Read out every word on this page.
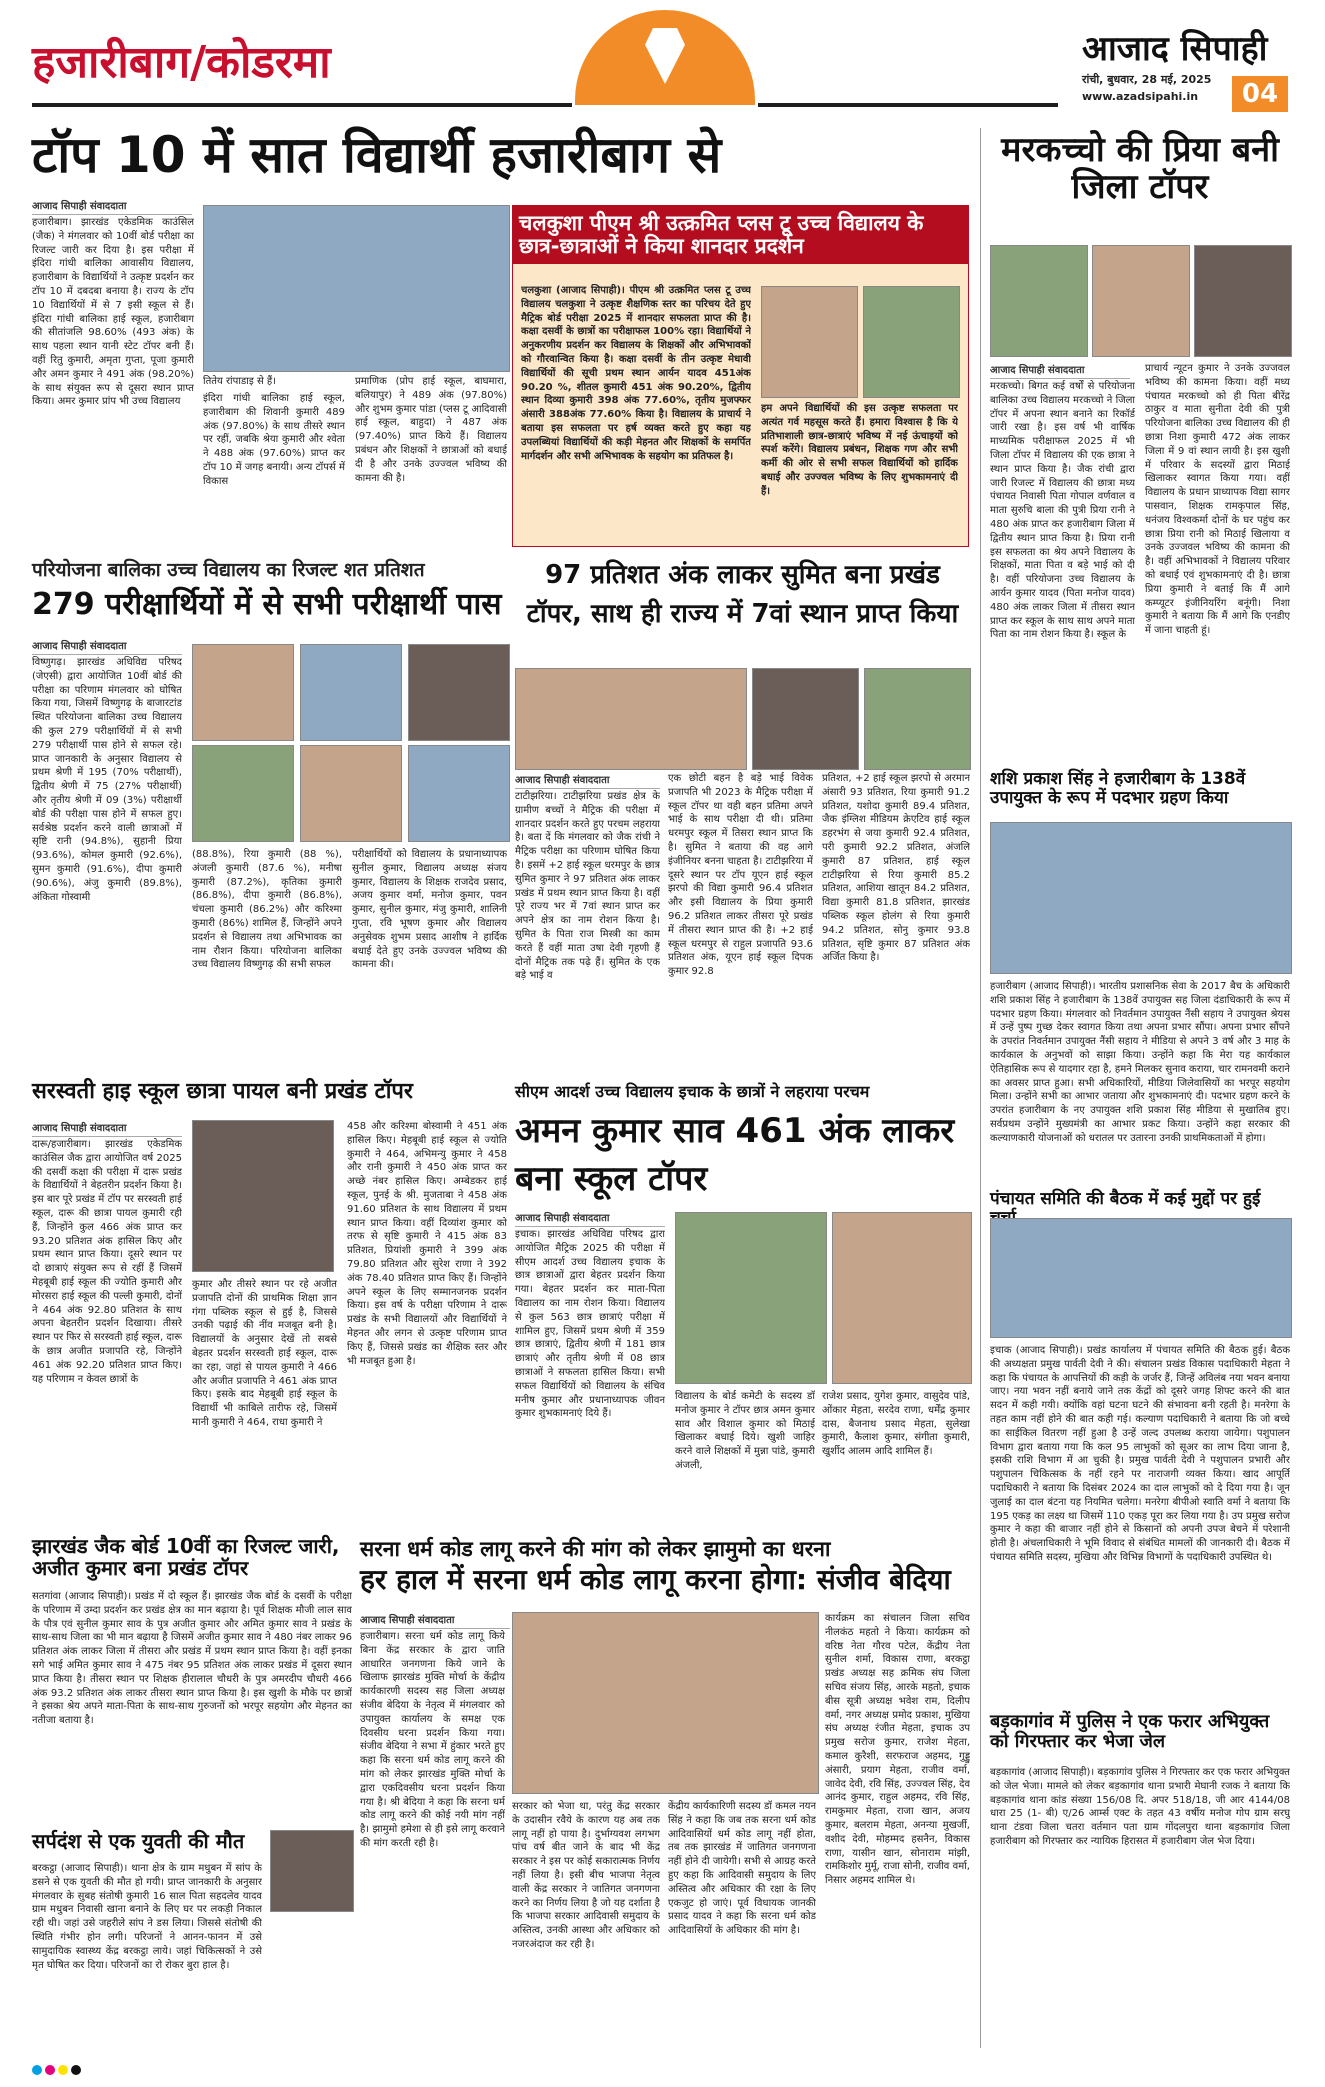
हजारीबाग/कोडरमा	आजाद सिपाही
रांची, बुधवार, 28 मई, 2025
www.azadsipahi.in	04
टॉप 10 में सात विद्यार्थी हजारीबाग से
आजाद सिपाही संवाददाता
हजारीबाग। झारखंड एकेडमिक काउंसिल (जैक) ने मंगलवार को 10वीं बोर्ड परीक्षा का रिजल्ट जारी कर दिया है। इस परीक्षा में इंदिरा गांधी बालिका आवासीय विद्यालय, हजारीबाग के विद्यार्थियों ने उत्कृष्ट प्रदर्शन कर टॉप 10 में दबदबा बनाया है। राज्य के टॉप 10 विद्यार्थियों में से 7 इसी स्कूल से हैं। इंदिरा गांधी बालिका हाई स्कूल, हजारीबाग की सीतांजलि 98.60% (493 अंक) के साथ पहला स्थान यानी स्टेट टॉपर बनी हैं। वहीं रितु कुमारी, अमृता गुप्ता, पूजा कुमारी और अमन कुमार ने 491 अंक (98.20%) के साथ संयुक्त रूप से दूसरा स्थान प्राप्त किया। अमर कुमार प्रांप भी उच्च विद्यालय
तितेय रांपाडाइ से हैं।
इंदिरा गांधी बालिका हाई स्कूल, हजारीबाग की शिवानी कुमारी 489 अंक (97.80%) के साथ तीसरे स्थान पर रहीं, जबकि श्रेया कुमारी और श्वेता ने 488 अंक (97.60%) प्राप्त कर टॉप 10 में जगह बनायी। अन्य टॉपर्स में विकास
प्रमाणिक (प्रोप हाई स्कूल, बाघमारा, बलियापुर) ने 489 अंक (97.80%) और शुभम कुमार पांडा (प्लस टू आदिवासी हाई स्कूल, बाहुदा) ने 487 अंक (97.40%) प्राप्त किये हैं। विद्यालय प्रबंधन और शिक्षकों ने छात्राओं को बधाई दी है और उनके उज्ज्वल भविष्य की कामना की है।
चलकुशा पीएम श्री उत्क्रमित प्लस टू उच्च विद्यालय के छात्र-छात्राओं ने किया शानदार प्रदर्शन
चलकुशा (आजाद सिपाही)। पीएम श्री उत्क्रमित प्लस टू उच्च विद्यालय चलकुशा ने उत्कृष्ट शैक्षणिक स्तर का परिचय देते हुए मैट्रिक बोर्ड परीक्षा 2025 में शानदार सफलता प्राप्त की है। कक्षा दसवीं के छात्रों का परीक्षाफल 100% रहा। विद्यार्थियों ने अनुकरणीय प्रदर्शन कर विद्यालय के शिक्षकों और अभिभावकों को गौरवान्वित किया है। कक्षा दसवीं के तीन उत्कृष्ट मेधावी विद्यार्थियों की सूची प्रथम स्थान आर्यन यादव 451अंक 90.20 %, शीतल कुमारी 451 अंक 90.20%, द्वितीय स्थान दिव्या कुमारी 398 अंक 77.60%, तृतीय मुजफ्फर अंसारी 388अंक 77.60% किया है। विद्यालय के प्राचार्य ने बताया इस सफलता पर हर्ष व्यक्त करते हुए कहा यह उपलब्धियां विद्यार्थियों की कड़ी मेहनत और शिक्षकों के समर्पित मार्गदर्शन और सभी अभिभावक के सहयोग का प्रतिफल है।
हम अपने विद्यार्थियों की इस उत्कृष्ट सफलता पर अत्यंत गर्व महसूस करते हैं। हमारा विश्वास है कि ये प्रतिभाशाली छात्र-छात्राएं भविष्य में नई ऊंचाइयों को स्पर्श करेंगे। विद्यालय प्रबंधन, शिक्षक गण और सभी कर्मी की ओर से सभी सफल विद्यार्थियों को हार्दिक बधाई और उज्ज्वल भविष्य के लिए शुभकामनाएं दी हैं।
मरकच्चो की प्रिया बनी जिला टॉपर
आजाद सिपाही संवाददाता
मरकच्चो। बिगत कई वर्षों से परियोजना बालिका उच्च विद्यालय मरकच्चो ने जिला टॉपर में अपना स्थान बनाने का रिकॉर्ड जारी रखा है। इस वर्ष भी वार्षिक माध्यमिक परीक्षाफल 2025 में भी जिला टॉपर में विद्यालय की एक छात्रा ने स्थान प्राप्त किया है। जैक रांची द्वारा जारी रिजल्ट में विद्यालय की छात्रा मध्य पंचायत निवासी पिता गोपाल वर्णवाल व माता सुरुचि बाला की पुत्री प्रिया रानी ने 480 अंक प्राप्त कर हजारीबाग जिला में द्वितीय स्थान प्राप्त किया है। प्रिया रानी इस सफलता का श्रेय अपने विद्यालय के शिक्षकों, माता पिता व बड़े भाई को दी है। वहीं परियोजना उच्च विद्यालय के आर्यन कुमार यादव (पिता मनोज यादव) 480 अंक लाकर जिला में तीसरा स्थान प्राप्त कर स्कूल के साथ साथ अपने माता पिता का नाम रोशन किया है। स्कूल के
प्राचार्य न्यूटन कुमार ने उनके उज्जवल भविष्य की कामना किया। वहीं मध्य पंचायत मरकच्चो को ही पिता बीरेंद्र ठाकुर व माता सुनीता देवी की पुत्री परियोजना बालिका उच्च विद्यालय की ही छात्रा निशा कुमारी 472 अंक लाकर जिला में 9 वां स्थान लायी है। इस खुशी में परिवार के सदस्यों द्वारा मिठाई खिलाकर स्वागत किया गया। वहीं विद्यालय के प्रधान प्राध्यापक विद्या सागर पासवान, शिक्षक रामकृपाल सिंह, धनंजय विश्वकर्मा दोनों के घर पहुंच कर छात्रा प्रिया रानी को मिठाई खिलाया व उनके उज्जवल भविष्य की कामना की है। वहीं अभिभावकों ने विद्यालय परिवार को बधाई एवं शुभकामनाएं दी है। छात्रा प्रिया कुमारी ने बताई कि मैं आगे कम्प्यूटर इंजीनियरिंग बनूंगी। निशा कुमारी ने बताया कि मैं आगे कि एनडीए में जाना चाहती हूं।
परियोजना बालिका उच्च विद्यालय का रिजल्ट शत प्रतिशत
279 परीक्षार्थियों में से सभी परीक्षार्थी पास
आजाद सिपाही संवाददाता
विष्णुगढ़। झारखंड अधिविद्य परिषद (जेएसी) द्वारा आयोजित 10वीं बोर्ड की परीक्षा का परिणाम मंगलवार को घोषित किया गया, जिसमें विष्णुगढ़ के बाजारटांड स्थित परियोजना बालिका उच्च विद्यालय की कुल 279 परीक्षार्थियों में से सभी 279 परीक्षार्थी पास होने से सफल रहे। प्राप्त जानकारी के अनुसार विद्यालय से प्रथम श्रेणी में 195 (70% परीक्षार्थी), द्वितीय श्रेणी में 75 (27% परीक्षार्थी) और तृतीय श्रेणी में 09 (3%) परीक्षार्थी बोर्ड की परीक्षा पास होने में सफल हुए। सर्वश्रेष्ठ प्रदर्शन करने वाली छात्राओं में सृष्टि रानी (94.8%), सुहानी प्रिया (93.6%), कोमल कुमारी (92.6%), सुमन कुमारी (91.6%), दीपा कुमारी (90.6%), अंजु कुमारी (89.8%), अंकिता गोस्वामी
(88.8%), रिया कुमारी (88 %), अंजली कुमारी (87.6 %), मनीषा कुमारी (87.2%), कृतिका कुमारी (86.8%), दीपा कुमारी (86.8%), चंचला कुमारी (86.2%) और करिश्मा कुमारी (86%) शामिल हैं, जिन्होंने अपने प्रदर्शन से विद्यालय तथा अभिभावक का नाम रौशन किया। परियोजना बालिका उच्च विद्यालय विष्णुगढ़ की सभी सफल
परीक्षार्थियों को विद्यालय के प्रधानाध्यापक सुनील कुमार, विद्यालय अध्यक्ष संजय कुमार, विद्यालय के शिक्षक राजदेव प्रसाद, अजय कुमार वर्मा, मनोज कुमार, पवन कुमार, सुनील कुमार, मंजु कुमारी, शालिनी गुप्ता, रवि भूषण कुमार और विद्यालय अनुसेवक शुभम प्रसाद आशीष ने हार्दिक बधाई देते हुए उनके उज्ज्वल भविष्य की कामना की।
97 प्रतिशत अंक लाकर सुमित बना प्रखंड टॉपर, साथ ही राज्य में 7वां स्थान प्राप्त किया
आजाद सिपाही संवाददाता
टाटीझरिया। टाटीझरिया प्रखंड क्षेत्र के ग्रामीण बच्चों ने मैट्रिक की परीक्षा में शानदार प्रदर्शन करते हुए परचम लहराया है। बता दें कि मंगलवार को जैक रांची ने मैट्रिक परीक्षा का परिणाम घोषित किया है। इसमें +2 हाई स्कूल धरमपुर के छात्र सुमित कुमार ने 97 प्रतिशत अंक लाकर प्रखंड में प्रथम स्थान प्राप्त किया है। वहीं पूरे राज्य भर में 7वां स्थान प्राप्त कर अपने क्षेत्र का नाम रोशन किया है। सुमित के पिता राज मिस्त्री का काम करते हैं वहीं माता उषा देवी गृहणी हैं दोनों मैट्रिक तक पढ़े हैं। सुमित के एक बड़े भाई व
एक छोटी बहन है बड़े भाई विवेक प्रजापति भी 2023 के मैट्रिक परीक्षा में स्कूल टॉपर था वही बहन प्रतिमा अपने भाई के साथ परीक्षा दी थी। प्रतिमा धरमपुर स्कूल में तिसरा स्थान प्राप्त कि है। सुमित ने बताया की वह आगे इंजीनियर बनना चाहता है। टाटीझरिया में दूसरे स्थान पर टॉप यूएन हाई स्कूल झरपो की विद्या कुमारी 96.4 प्रतिशत और इसी विद्यालय के प्रिया कुमारी 96.2 प्रतिशत लाकर तीसरा पूरे प्रखंड में तीसरा स्थान प्राप्त की है। +2 हाई स्कूल धरमपुर से राहुल प्रजापति 93.6 प्रतिशत अंक, यूएन हाई स्कूल दिपक कुमार 92.8
प्रतिशत, +2 हाई स्कूल झरपो से अरमान अंसारी 93 प्रतिशत, रिया कुमारी 91.2 प्रतिशत, यशोदा कुमारी 89.4 प्रतिशत, जैक इंग्लिश मीडियम क्रेएटिव हाई स्कूल डहरभंग से जया कुमारी 92.4 प्रतिशत, परी कुमारी 92.2 प्रतिशत, अंजलि कुमारी 87 प्रतिशत, हाई स्कूल टाटीझरिया से रिया कुमारी 85.2 प्रतिशत, आशिया खातून 84.2 प्रतिशत, विद्या कुमारी 81.8 प्रतिशत, झारखंड पब्लिक स्कूल होलंग से रिया कुमारी 94.2 प्रतिशत, सोनु कुमार 93.8 प्रतिशत, सृष्टि कुमार 87 प्रतिशत अंक अर्जित किया है।
शशि प्रकाश सिंह ने हजारीबाग के 138वें उपायुक्त के रूप में पदभार ग्रहण किया
हजारीबाग (आजाद सिपाही)। भारतीय प्रशासनिक सेवा के 2017 बैच के अधिकारी शशि प्रकाश सिंह ने हजारीबाग के 138वें उपायुक्त सह जिला दंडाधिकारी के रूप में पदभार ग्रहण किया। मंगलवार को निवर्तमान उपायुक्त नैंसी सहाय ने उपायुक्त श्रेयस में उन्हें पुष्प गुच्छ देकर स्वागत किया तथा अपना प्रभार सौंपा। अपना प्रभार सौंपने के उपरांत निवर्तमान उपायुक्त नैंसी सहाय ने मीडिया से अपने 3 वर्ष और 3 माह के कार्यकाल के अनुभवों को साझा किया। उन्होंने कहा कि मेरा यह कार्यकाल ऐतिहासिक रूप से यादगार रहा है, हमने मिलकर सुनाव कराया, चार रामनवमी कराने का अवसर प्राप्त हुआ। सभी अधिकारियों, मीडिया जिलेवासियों का भरपूर सहयोग मिला। उन्होंने सभी का आभार जताया और शुभकामनाएं दी। पदभार ग्रहण करने के उपरांत हजारीबाग के नए उपायुक्त शशि प्रकाश सिंह मीडिया से मुखातिब हुए। सर्वप्रथम उन्होंने मुख्यमंत्री का आभार प्रकट किया। उन्होंने कहा सरकार की कल्याणकारी योजनाओं को धरातल पर उतारना उनकी प्राथमिकताओं में होगा।
सरस्वती हाइ स्कूल छात्रा पायल बनी प्रखंड टॉपर
आजाद सिपाही संवाददाता
दारू/हजारीबाग। झारखंड एकेडमिक काउंसिल जैक द्वारा आयोजित वर्ष 2025 की दसवीं कक्षा की परीक्षा में दारू प्रखंड के विद्यार्थियों ने बेहतरीन प्रदर्शन किया है। इस बार पूरे प्रखंड में टॉप पर सरस्वती हाई स्कूल, दारू की छात्रा पायल कुमारी रही हैं, जिन्होंने कुल 466 अंक प्राप्त कर 93.20 प्रतिशत अंक हासिल किए और प्रथम स्थान प्राप्त किया। दूसरे स्थान पर दो छात्राएं संयुक्त रूप से रहीं हैं जिसमें मेहबूबी हाई स्कूल की ज्योति कुमारी और मोरसरा हाई स्कूल की पल्ली कुमारी, दोनों ने 464 अंक 92.80 प्रतिशत के साथ अपना बेहतरीन प्रदर्शन दिखाया। तीसरे स्थान पर फिर से सरस्वती हाई स्कूल, दारू के छात्र अजीत प्रजापति रहे, जिन्होंने 461 अंक 92.20 प्रतिशत प्राप्त किए। यह परिणाम न केवल छात्रों के
कुमार और तीसरे स्थान पर रहे अजीत प्रजापति दोनों की प्राथमिक शिक्षा ज्ञान गंगा पब्लिक स्कूल से हुई है, जिससे उनकी पढ़ाई की नींव मजबूत बनी है। विद्यालयों के अनुसार देखें तो सबसे बेहतर प्रदर्शन सरस्वती हाई स्कूल, दारू का रहा, जहां से पायल कुमारी ने 466 और अजीत प्रजापति ने 461 अंक प्राप्त किए। इसके बाद मेहबूबी हाई स्कूल के विद्यार्थी भी काबिले तारीफ रहे, जिसमें मानी कुमारी ने 464, राधा कुमारी ने
458 और करिश्मा बोस्वामी ने 451 अंक हासिल किए। मेहबूबी हाई स्कूल से ज्योति कुमारी ने 464, अभिमन्यु कुमार ने 458 और रानी कुमारी ने 450 अंक प्राप्त कर अच्छे नंबर हासिल किए। अम्बेडकर हाई स्कूल, पुनई के श्री. मुजताबा ने 458 अंक 91.60 प्रतिशत के साथ विद्यालय में प्रथम स्थान प्राप्त किया। वहीं दिव्यांश कुमार को तरफ से सृष्टि कुमारी ने 415 अंक 83 प्रतिशत, प्रियांशी कुमारी ने 399 अंक 79.80 प्रतिशत और सुरेश राणा ने 392 अंक 78.40 प्रतिशत प्राप्त किए हैं। जिन्होंने अपने स्कूल के लिए सम्मानजनक प्रदर्शन किया। इस वर्ष के परीक्षा परिणाम ने दारू प्रखंड के सभी विद्यालयों और विद्यार्थियों ने मेहनत और लगन से उत्कृष्ट परिणाम प्राप्त किए हैं, जिससे प्रखंड का शैक्षिक स्तर और भी मजबूत हुआ है।
सीएम आदर्श उच्च विद्यालय इचाक के छात्रों ने लहराया परचम
अमन कुमार साव 461 अंक लाकर बना स्कूल टॉपर
आजाद सिपाही संवाददाता
इचाक। झारखंड अधिविद्य परिषद द्वारा आयोजित मैट्रिक 2025 की परीक्षा में सीएम आदर्श उच्च विद्यालय इचाक के छात्र छात्राओं द्वारा बेहतर प्रदर्शन किया गया। बेहतर प्रदर्शन कर माता-पिता विद्यालय का नाम रोशन किया। विद्यालय से कुल 563 छात्र छात्राएं परीक्षा में शामिल हुए, जिसमें प्रथम श्रेणी में 359 छात्र छात्राएं, द्वितीय श्रेणी में 181 छात्र छात्राएं और तृतीय श्रेणी में 08 छात्र छात्राओं ने सफलता हासिल किया। सभी सफल विद्यार्थियों को विद्यालय के संचिव मनीष कुमार और प्रधानाध्यापक जीवन कुमार शुभकामनाएं दिये हैं।
विद्यालय के बोर्ड कमेटी के सदस्य डॉ मनोज कुमार ने टॉपर छात्र अमन कुमार साव और विशाल कुमार को मिठाई खिलाकर बधाई दिये। खुशी जाहिर करने वाले शिक्षकों में मुन्ना पांडे, कुमारी अंजली,
राजेश प्रसाद, युगेश कुमार, वासुदेव पांडे, ओंकार मेहता, सरदेव राणा, धर्मेंद्र कुमार दास, बैजनाथ प्रसाद मेहता, सुलेखा कुमारी, कैलाश कुमार, संगीता कुमारी, खुर्शीद आलम आदि शामिल हैं।
पंचायत समिति की बैठक में कई मुद्दों पर हुई
इचाक (आजाद सिपाही)। प्रखंड कार्यालय में पंचायत समिति की बैठक हुई। बैठक की अध्यक्षता प्रमुख पार्वती देवी ने की। संचालन प्रखंड विकास पदाधिकारी मेहता ने कहा कि पंचायत के आपत्तियों की कड़ी के जर्जर हैं, जिन्हें अविलंब नया भवन बनाया जाए। नया भवन नहीं बनाये जाने तक केंद्रों को दूसरे जगह शिफ्ट करने की बात सदन में कही गयी। क्योंकि वहां घटना घटने की संभावना बनी रहती है। मनरेगा के तहत काम नहीं होने की बात कही गई। कल्याण पदाधिकारी ने बताया कि जो बच्चे का साईकिल वितरण नहीं हुआ है उन्हें जल्द उपलब्ध कराया जायेगा। पशुपालन विभाग द्वारा बताया गया कि कल 95 लाभुकों को सूअर का लाभ दिया जाना है, इसकी राशि विभाग में आ चुकी है। प्रमुख पार्वती देवी ने पशुपालन प्रभारी और पशुपालन चिकित्सक के नहीं रहने पर नाराजगी व्यक्त किया। खाद आपूर्ति पदाधिकारी ने बताया कि दिसंबर 2024 का दाल लाभुकों को दे दिया गया है। जून जुलाई का दाल बंटना यह नियमित चलेगा। मनरेगा बीपीओ स्वाति वर्मा ने बताया कि 195 एकड़ का लक्ष्य था जिसमें 110 एकड़ पूरा कर लिया गया है। उप प्रमुख सरोज कुमार ने कहा की बाजार नहीं होने से किसानों को अपनी उपज बेचने में परेशानी होती है। अंचलाधिकारी ने भूमि विवाद से संबंधित मामलों की जानकारी दी। बैठक में पंचायत समिति सदस्य, मुखिया और विभिन्न विभागों के पदाधिकारी उपस्थित थे।
झारखंड जैक बोर्ड 10वीं का रिजल्ट जारी, अजीत कुमार बना प्रखंड टॉपर
सतगांवा (आजाद सिपाही)। प्रखंड में दो स्कूल हैं। झारखंड जैक बोर्ड के दसवीं के परीक्षा के परिणाम में उम्दा प्रदर्शन कर प्रखंड क्षेत्र का मान बढ़ाया है। पूर्व शिक्षक मौजी लाल साव के पौत्र एवं सुनील कुमार साव के पुत्र अजीत कुमार और अमित कुमार साव ने प्रखंड के साथ-साथ जिला का भी मान बढ़ाया है जिसमें अजीत कुमार साव ने 480 नंबर लाकर 96 प्रतिशत अंक लाकर जिला में तीसरा और प्रखंड में प्रथम स्थान प्राप्त किया है। वहीं इनका सगे भाई अमित कुमार साव ने 475 नंबर 95 प्रतिशत अंक लाकर प्रखंड में दूसरा स्थान प्राप्त किया है। तीसरा स्थान पर शिक्षक हीरालाल चौधरी के पुत्र अमरदीप चौधरी 466 अंक 93.2 प्रतिशत अंक लाकर तीसरा स्थान प्राप्त किया है। इस खुशी के मौके पर छात्रों ने इसका श्रेय अपने माता-पिता के साथ-साथ गुरुजनों को भरपूर सहयोग और मेहनत का नतीजा बताया है।
सर्पदंश से एक युवती की मौत
बरकट्ठा (आजाद सिपाही)। थाना क्षेत्र के ग्राम मधुबन में सांप के डसने से एक युवती की मौत हो गयी। प्राप्त जानकारी के अनुसार मंगलवार के सुबह संतोषी कुमारी 16 साल पिता सहदलेव यादव ग्राम मधुबन निवासी खाना बनाने के लिए घर पर लकड़ी निकाल रही थी। जहां उसे जहरीले सांप ने डस लिया। जिससे संतोषी की स्थिति गंभीर होन लगी। परिजनों ने आनन-फानन में उसे सामुदायिक स्वास्थ्य केंद्र बरकट्ठा लाये। जहां चिकित्सकों ने उसे मृत घोषित कर दिया। परिजनों का रो रोकर बुरा हाल है।
सरना धर्म कोड लागू करने की मांग को लेकर झामुमो का धरना
हर हाल में सरना धर्म कोड लागू करना होगा: संजीव बेदिया
आजाद सिपाही संवाददाता
हजारीबाग। सरना धर्म कोड लागू किये बिना केंद्र सरकार के द्वारा जाति आधारित जनगणना किये जाने के खिलाफ झारखंड मुक्ति मोर्चा के केंद्रीय कार्यकारणी सदस्य सह जिला अध्यक्ष संजीव बेदिया के नेतृत्व में मंगलवार को उपायुक्त कार्यालय के समक्ष एक दिवसीय धरना प्रदर्शन किया गया। संजीव बेदिया ने सभा में हुंकार भरते हुए कहा कि सरना धर्म कोड लागू करने की मांग को लेकर झारखंड मुक्ति मोर्चा के द्वारा एकदिवसीय धरना प्रदर्शन किया गया है। श्री बेदिया ने कहा कि सरना धर्म कोड लागू करने की कोई नयी मांग नहीं है। झामुमो हमेशा से ही इसे लागू करवाने की मांग करती रही है।
सरकार को भेजा था, परंतु केंद्र सरकार के उदासीन रवैये के कारण यह अब तक लागू नहीं हो पाया है। दुर्भाग्यवश लगभग पांच वर्ष बीत जाने के बाद भी केंद्र सरकार ने इस पर कोई सकारात्मक निर्णय नहीं लिया है। इसी बीच भाजपा नेतृत्व वाली केंद्र सरकार ने जातिगत जनगणना करने का निर्णय लिया है जो यह दर्शाता है कि भाजपा सरकार आदिवासी समुदाय के अस्तित्व, उनकी आस्था और अधिकार को नजरअंदाज कर रही है।
केंद्रीय कार्यकारिणी सदस्य डॉ कमल नयन सिंह ने कहा कि जब तक सरना धर्म कोड आदिवासियों धर्म कोड लागू नहीं होता, तब तक झारखंड में जातिगत जनगणना नहीं होने दी जायेगी। सभी से आग्रह करते हुए कहा कि आदिवासी समुदाय के लिए अस्तित्व और अधिकार की रक्षा के लिए एकजुट हो जाएं। पूर्व विधायक जानकी प्रसाद यादव ने कहा कि सरना धर्म कोड आदिवासियों के अधिकार की मांग है।
कार्यक्रम का संचालन जिला सचिव नीलकंठ महतो ने किया। कार्यक्रम को वरिष्ठ नेता गौरव पटेल, केंद्रीय नेता सुनील शर्मा, विकास राणा, बरकट्ठा प्रखंड अध्यक्ष सह क्रमिक संघ जिला सचिव संजय सिंह, आरके महतो, इचाक बीस सूत्री अध्यक्ष भवेश राम, दिलीप वर्मा, नगर अध्यक्ष प्रमोद प्रकाश, मुखिया संघ अध्यक्ष रंजीत मेहता, इचाक उप प्रमुख सरोज कुमार, राजेश मेहता, कमाल कुरैशी, सरफराज अहमद, गुड्डु अंसारी, प्रयाग मेहता, राजीव वर्मा, जावेद देवी, रवि सिंह, उज्ज्वल सिंह, देव आनंद कुमार, राहुल अहमद, रवि सिंह, रामकुमार मेहता, राजा खान, अजय कुमार, बलराम मेहता, अनन्या मुखर्जी, वशीद देवी, मोहम्मद हसनैन, विकास राणा, यासीन खान, सोनाराम मांझी, रामकिशोर मुर्मू, राजा सोनी, राजीव वर्मा, निसार अहमद शामिल थे।
बड़कागांव में पुलिस ने एक फरार अभियुक्त को गिरफ्तार कर भेजा जेल
बड़कागांव (आजाद सिपाही)। बड़कागांव पुलिस ने गिरफ्तार कर एक फरार अभियुक्त को जेल भेजा। मामले को लेकर बड़कागांव थाना प्रभारी मेघानी रजक ने बताया कि बड़कागांव थाना कांड संख्या 156/08 दि. अपर 518/18, जी आर 4144/08 धारा 25 (1- बी) ए/26 आर्म्स एक्ट के तहत 43 वर्षीय मनोज गोप ग्राम सरघु थाना टंडवा जिला चतरा वर्तमान पता ग्राम गोंदलपुरा थाना बड़कागांव जिला हजारीबाग को गिरफ्तार कर न्यायिक हिरासत में हजारीबाग जेल भेज दिया।
